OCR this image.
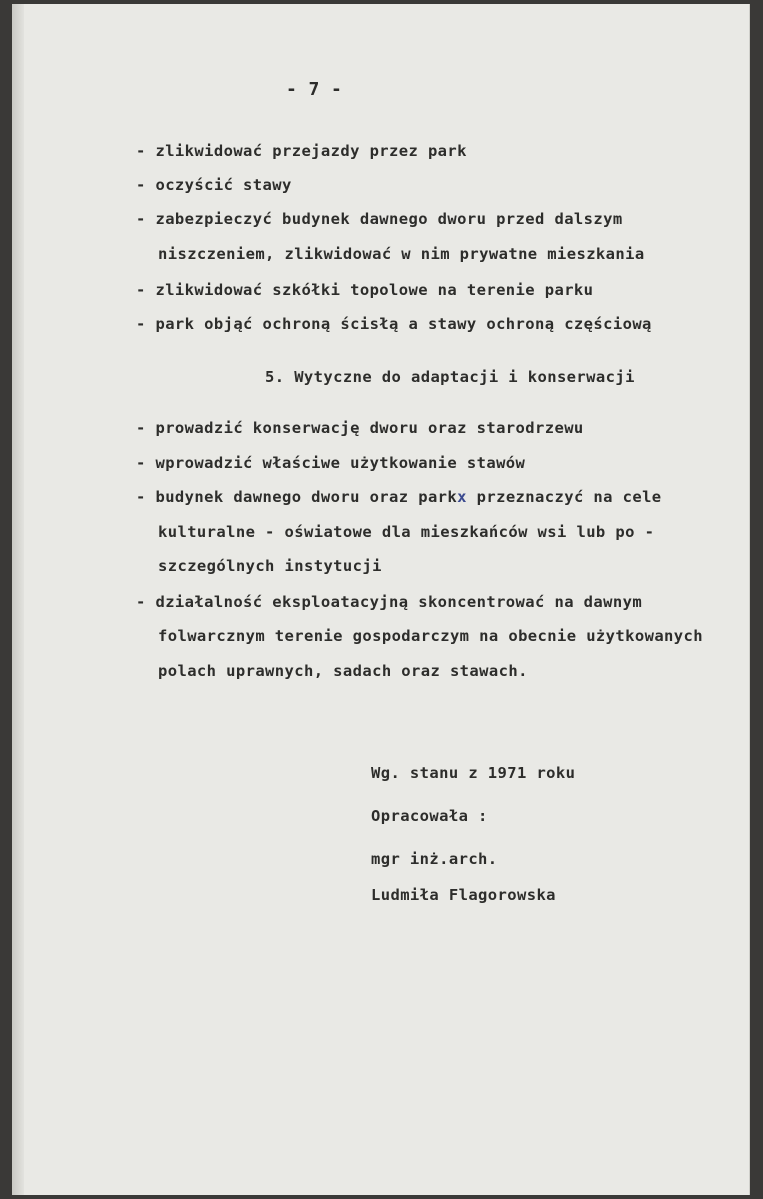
- 7 -
- zlikwidować przejazdy przez park
- oczyścić stawy
- zabezpieczyć budynek dawnego dworu przed dalszym
niszczeniem, zlikwidować w nim prywatne mieszkania
- zlikwidować szkółki topolowe na terenie parku
- park objąć ochroną ścisłą a stawy ochroną częściową
5. Wytyczne do adaptacji i konserwacji
- prowadzić konserwację dworu oraz starodrzewu
- wprowadzić właściwe użytkowanie stawów
- budynek dawnego dworu oraz parkx przeznaczyć na cele
kulturalne - oświatowe dla mieszkańców wsi lub po -
szczególnych instytucji
- działalność eksploatacyjną skoncentrować na dawnym
folwarcznym terenie gospodarczym na obecnie użytkowanych
polach uprawnych, sadach oraz stawach.
Wg. stanu z 1971 roku
Opracowała :
mgr inż.arch.
Ludmiła Flagorowska
